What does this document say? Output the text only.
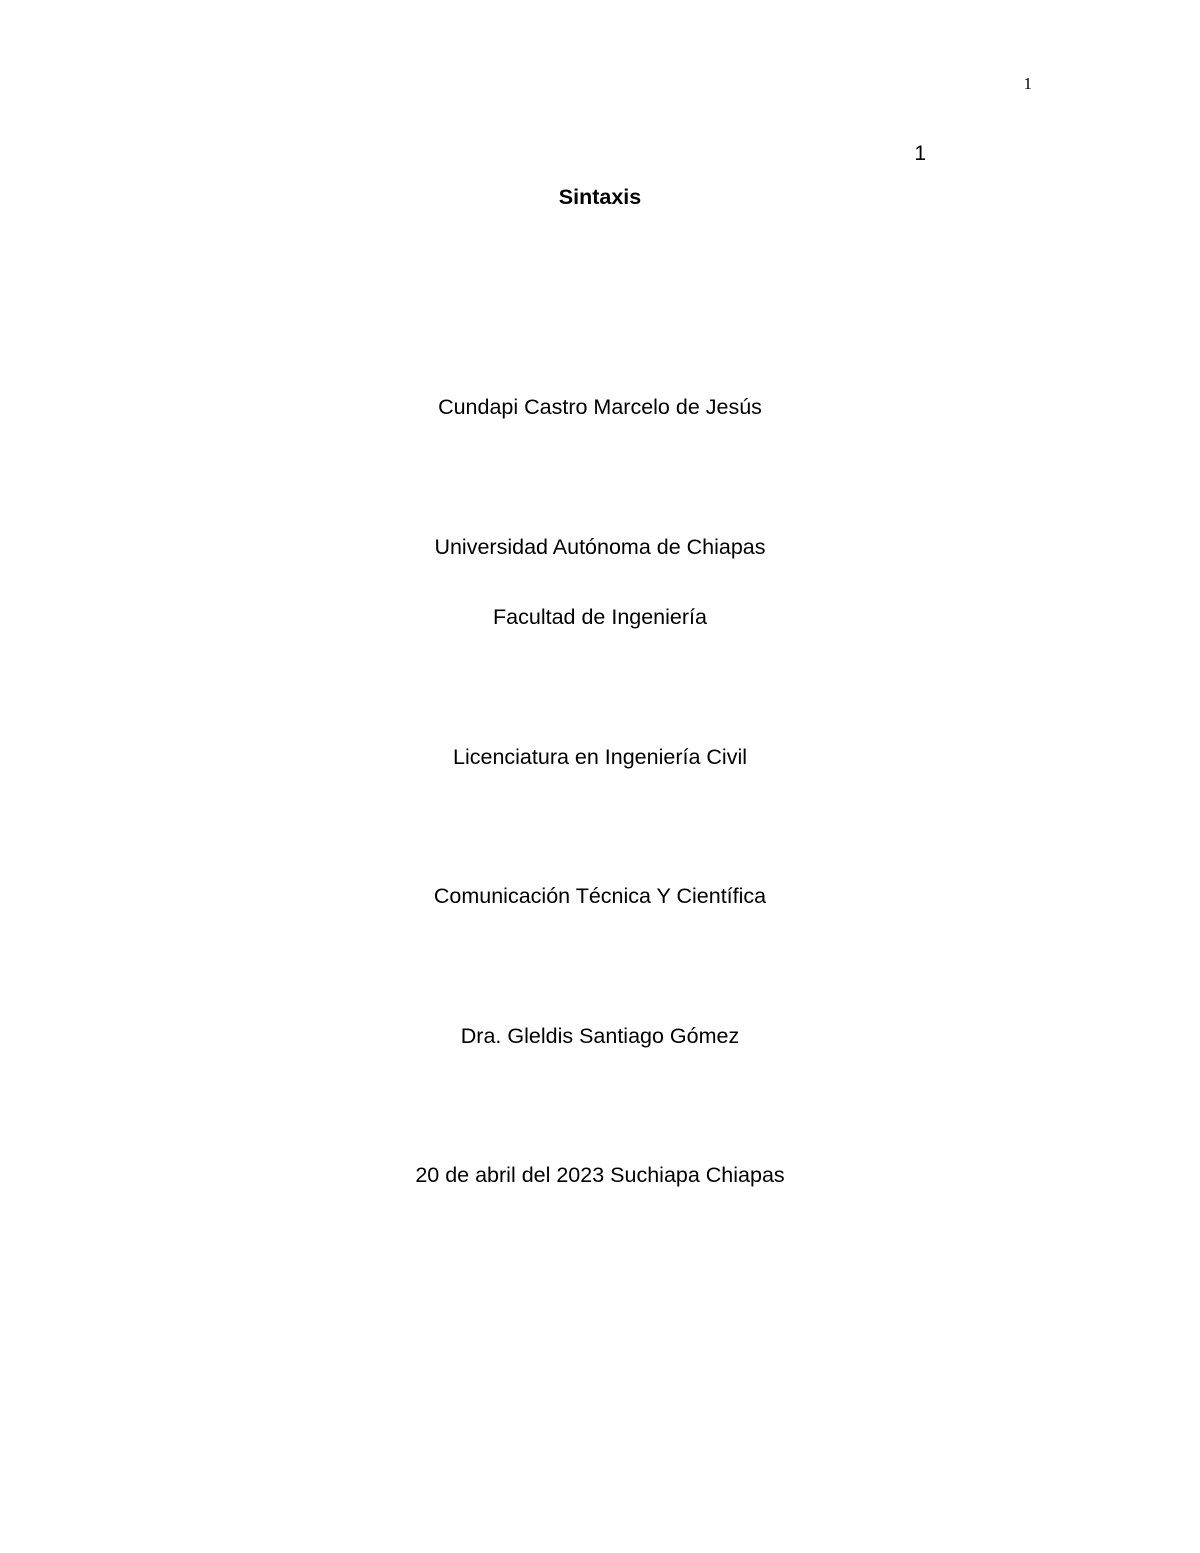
1
1
Sintaxis
Cundapi Castro Marcelo de Jesús
Universidad Autónoma de Chiapas
Facultad de Ingeniería
Licenciatura en Ingeniería Civil
Comunicación Técnica Y Científica
Dra. Gleldis Santiago Gómez
20 de abril del 2023 Suchiapa Chiapas
